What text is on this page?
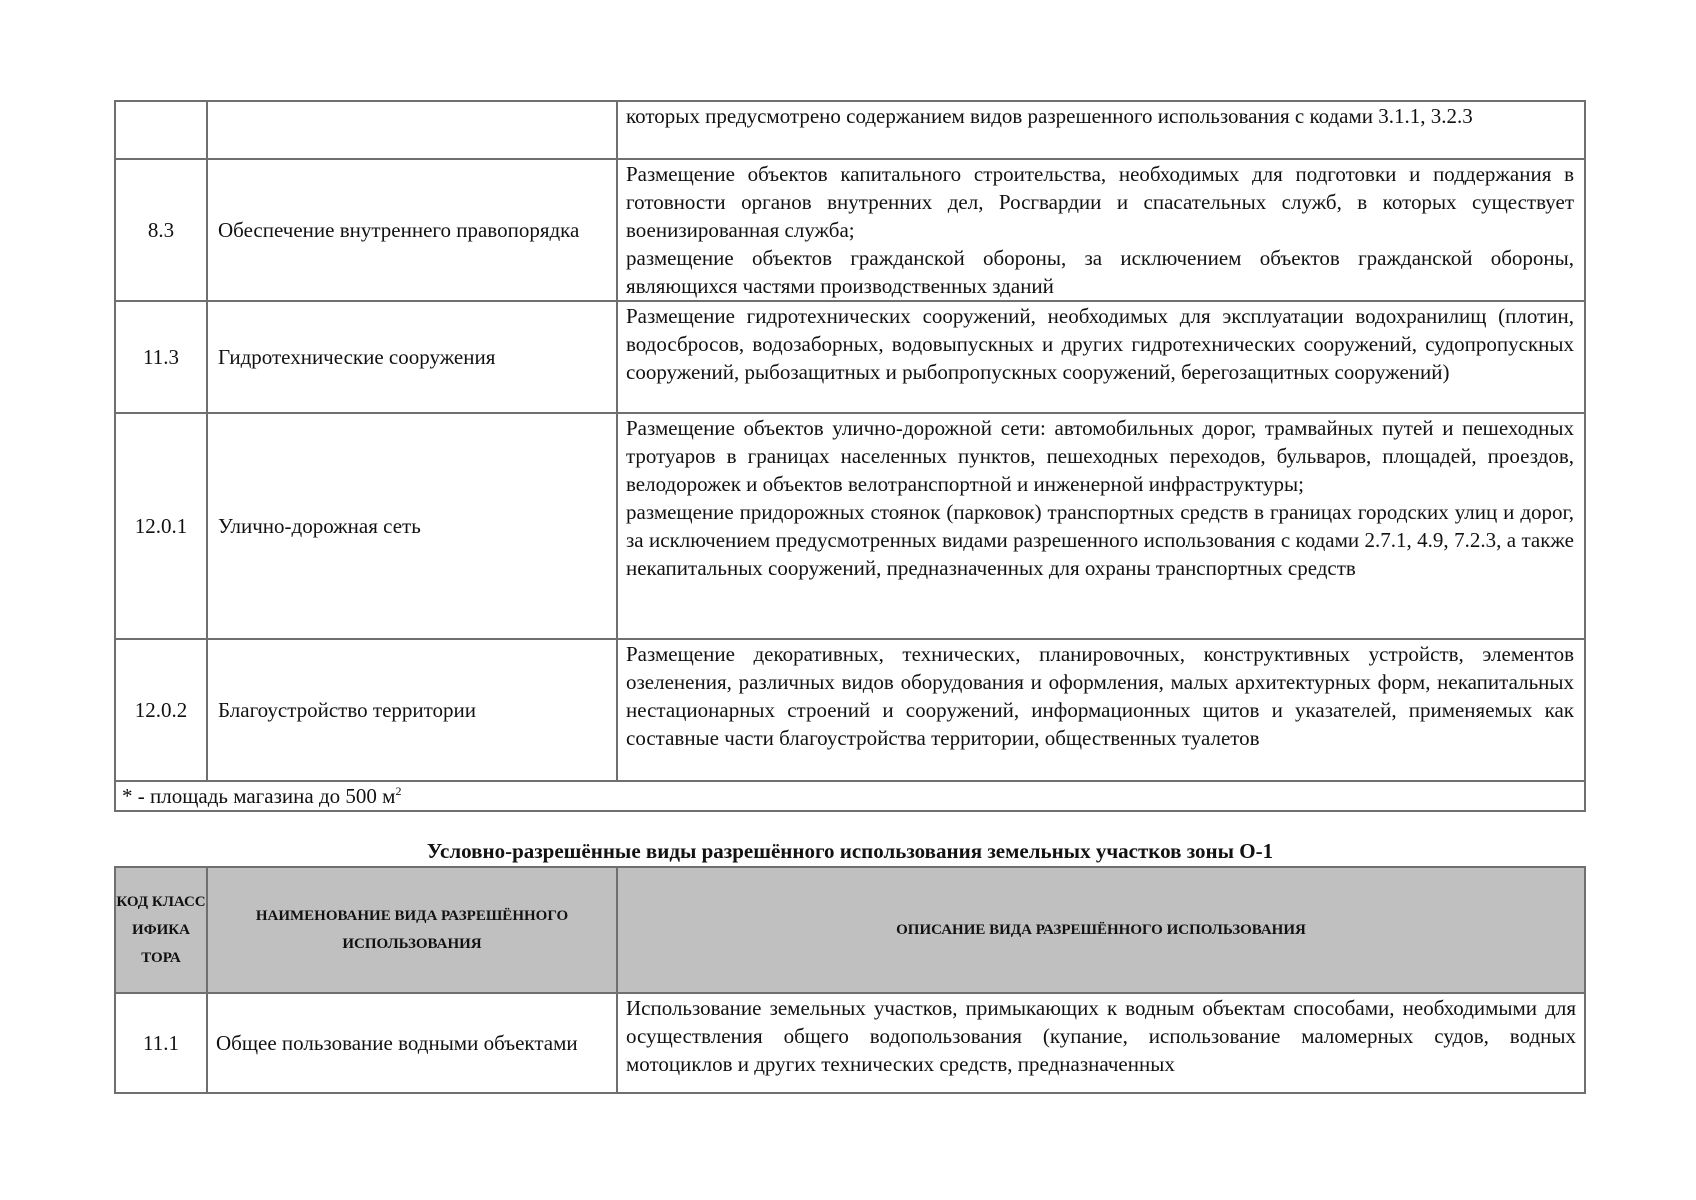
		которых предусмотрено содержанием видов разрешенного использования с кодами 3.1.1, 3.2.3

8.3	Обеспечение внутреннего правопорядка	Размещение объектов капитального строительства, необходимых для подготовки и поддержания в готовности органов внутренних дел, Росгвардии и спасательных служб, в которых существует военизированная служба;
размещение объектов гражданской обороны, за исключением объектов гражданской обороны, являющихся частями производственных зданий

11.3	Гидротехнические сооружения	Размещение гидротехнических сооружений, необходимых для эксплуатации водохранилищ (плотин, водосбросов, водозаборных, водовыпускных и других гидротехнических сооружений, судопропускных сооружений, рыбозащитных и рыбопропускных сооружений, берегозащитных сооружений)

12.0.1	Улично-дорожная сеть	Размещение объектов улично-дорожной сети: автомобильных дорог, трамвайных путей и пешеходных тротуаров в границах населенных пунктов, пешеходных переходов, бульваров, площадей, проездов, велодорожек и объектов велотранспортной и инженерной инфраструктуры;
размещение придорожных стоянок (парковок) транспортных средств в границах городских улиц и дорог, за исключением предусмотренных видами разрешенного использования с кодами 2.7.1, 4.9, 7.2.3, а также некапитальных сооружений, предназначенных для охраны транспортных средств

12.0.2	Благоустройство территории	Размещение декоративных, технических, планировочных, конструктивных устройств, элементов озеленения, различных видов оборудования и оформления, малых архитектурных форм, некапитальных нестационарных строений и сооружений, информационных щитов и указателей, применяемых как составные части благоустройства территории, общественных туалетов

* - площадь магазина до 500 $м^2$
Условно-разрешённые виды разрешённого использования земельных участков зоны О-1
КОД КЛАСС ИФИКА ТОРА	НАИМЕНОВАНИЕ ВИДА РАЗРЕШЁННОГО ИСПОЛЬЗОВАНИЯ	ОПИСАНИЕ ВИДА РАЗРЕШЁННОГО ИСПОЛЬЗОВАНИЯ
11.1	Общее пользование водными объектами	Использование земельных участков, примыкающих к водным объектам способами, необходимыми для осуществления общего водопользования (купание, использование маломерных судов, водных мотоциклов и других технических средств, предназначенных
